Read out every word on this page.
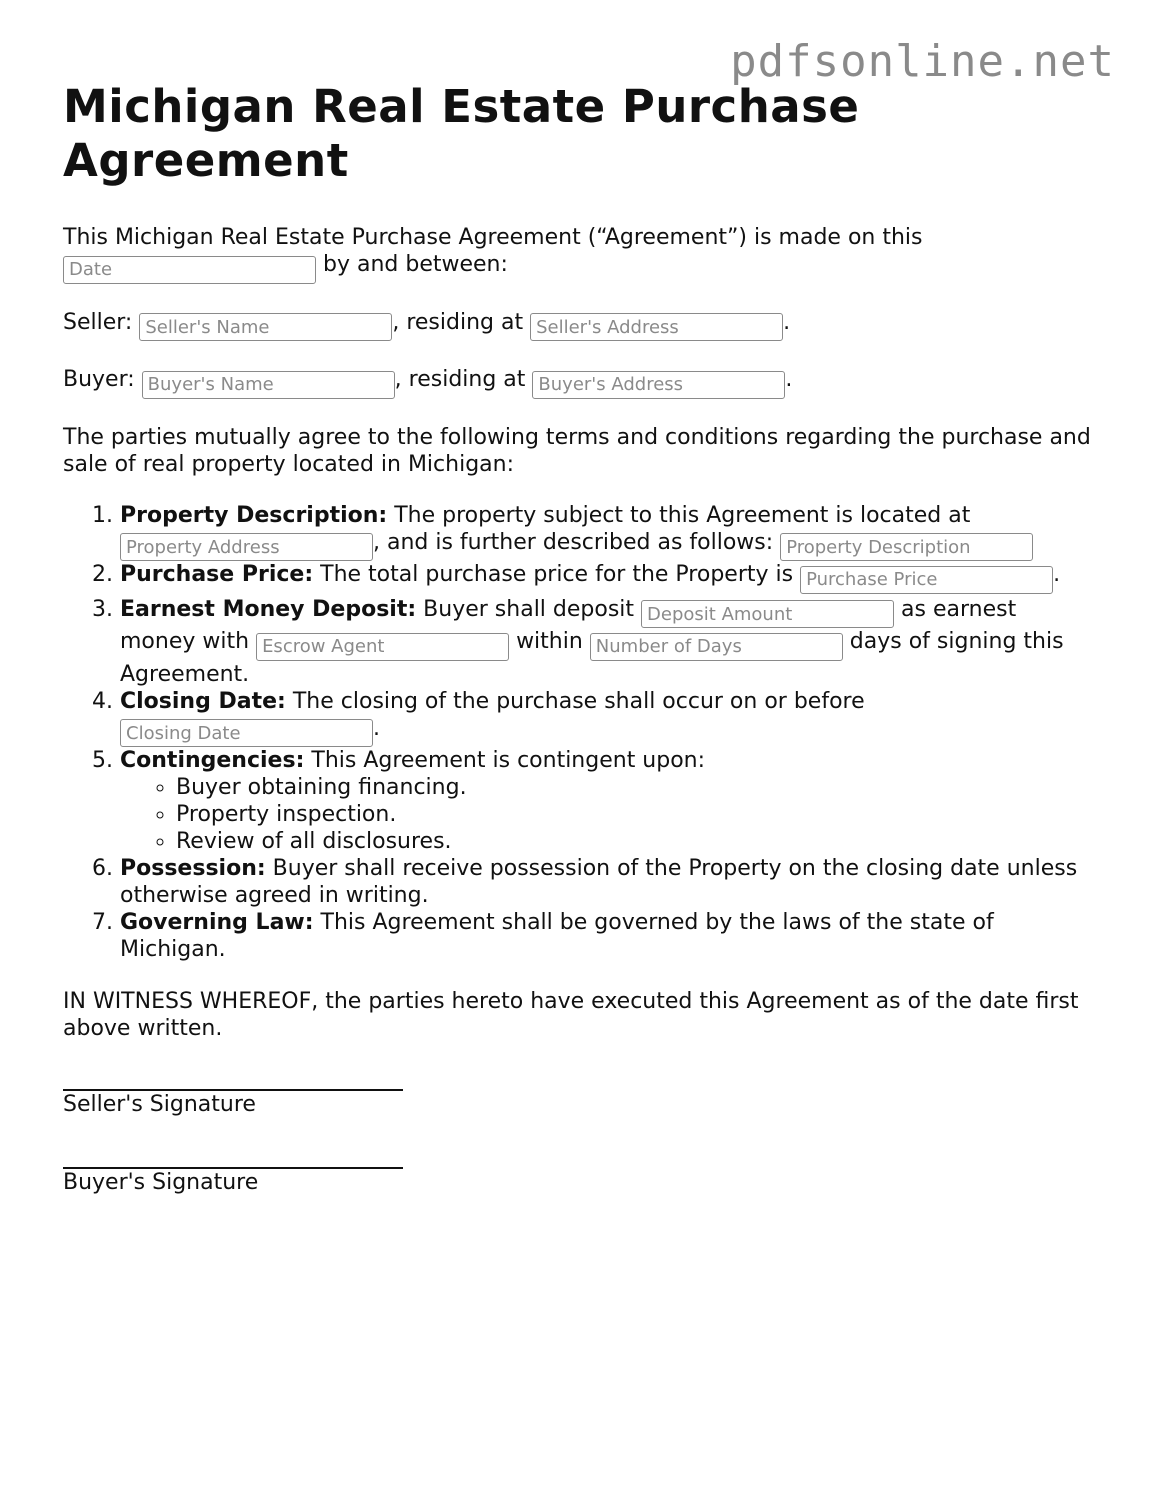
pdfsonline.net
Michigan Real Estate Purchase Agreement

This Michigan Real Estate Purchase Agreement (“Agreement”) is made on this
Date by and between:

Seller: Seller's Name	, residing at Seller's Address	.

Buyer: Buyer's Name	, residing at Buyer's Address	.

The parties mutually agree to the following terms and conditions regarding the purchase and sale of real property located in Michigan:

1. Property Description: The property subject to this Agreement is located at
Property Address, and is further described as follows: Property Description
2. Purchase Price: The total purchase price for the Property is Purchase Price	.
3. Earnest Money Deposit: Buyer shall deposit Deposit Amount	as earnest money with Escrow Agent	within Number of Days	days of signing this Agreement.
4. Closing Date: The closing of the purchase shall occur on or before
Closing Date.
5. Contingencies: This Agreement is contingent upon:
◦ Buyer obtaining financing.
◦ Property inspection.
◦ Review of all disclosures.
6. Possession: Buyer shall receive possession of the Property on the closing date unless otherwise agreed in writing.
7. Governing Law: This Agreement shall be governed by the laws of the state of Michigan.

IN WITNESS WHEREOF, the parties hereto have executed this Agreement as of the date first above written.

Seller's Signature
Buyer's Signature
